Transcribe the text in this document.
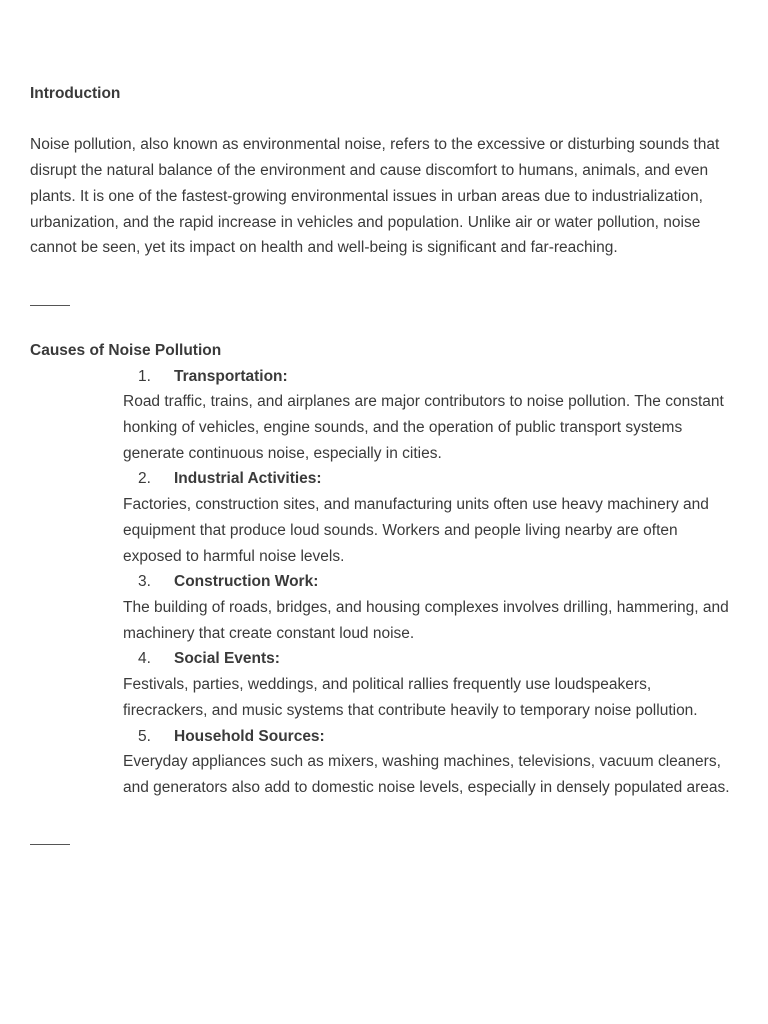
Introduction

Noise pollution, also known as environmental noise, refers to the excessive or disturbing sounds that disrupt the natural balance of the environment and cause discomfort to humans, animals, and even plants. It is one of the fastest-growing environmental issues in urban areas due to industrialization, urbanization, and the rapid increase in vehicles and population. Unlike air or water pollution, noise cannot be seen, yet its impact on health and well-being is significant and far-reaching.

Causes of Noise Pollution

1. Transportation:
Road traffic, trains, and airplanes are major contributors to noise pollution. The constant honking of vehicles, engine sounds, and the operation of public transport systems generate continuous noise, especially in cities.
2. Industrial Activities:
Factories, construction sites, and manufacturing units often use heavy machinery and equipment that produce loud sounds. Workers and people living nearby are often exposed to harmful noise levels.
3. Construction Work:
The building of roads, bridges, and housing complexes involves drilling, hammering, and machinery that create constant loud noise.
4. Social Events:
Festivals, parties, weddings, and political rallies frequently use loudspeakers, firecrackers, and music systems that contribute heavily to temporary noise pollution.
5. Household Sources:
Everyday appliances such as mixers, washing machines, televisions, vacuum cleaners, and generators also add to domestic noise levels, especially in densely populated areas.
